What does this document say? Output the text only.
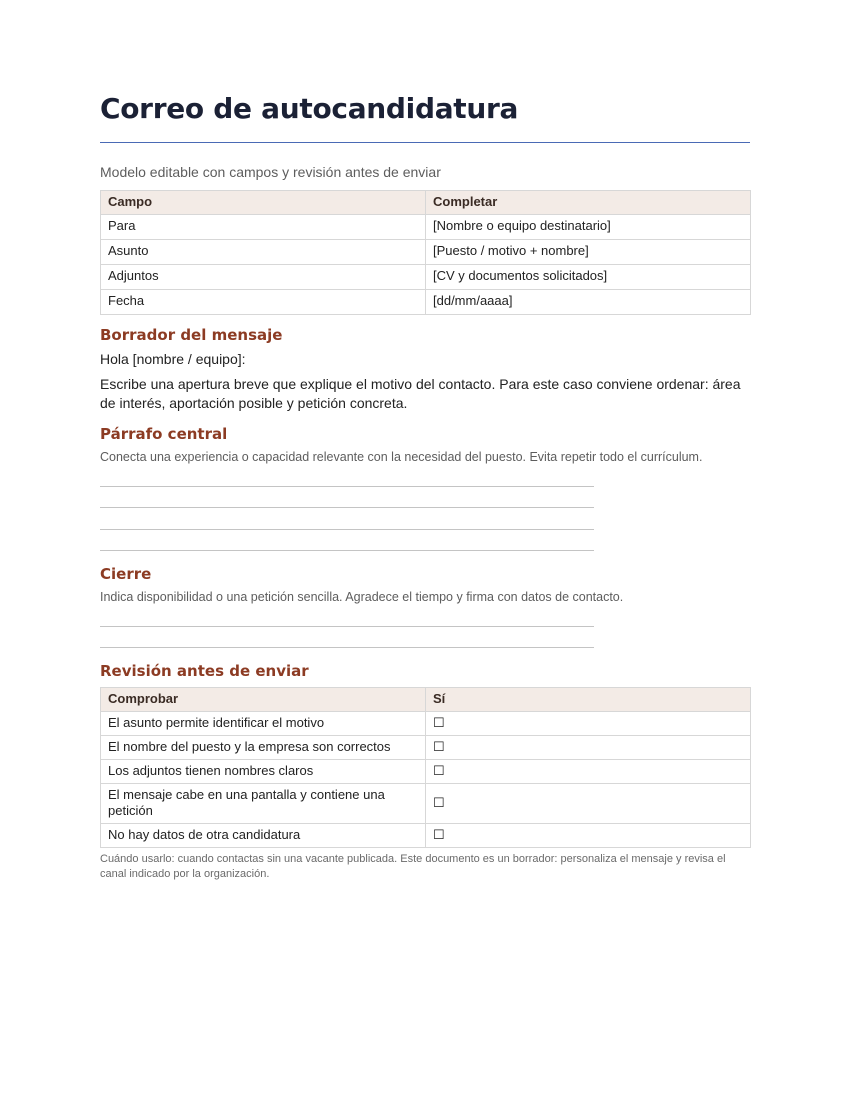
Correo de autocandidatura

Modelo editable con campos y revisión antes de enviar

Campo	Completar
Para	[Nombre o equipo destinatario]
Asunto	[Puesto / motivo + nombre]
Adjuntos	[CV y documentos solicitados]
Fecha	[dd/mm/aaaa]
Borrador del mensaje

Hola [nombre / equipo]:

Escribe una apertura breve que explique el motivo del contacto. Para este caso conviene ordenar: área de interés, aportación posible y petición concreta.

Párrafo central

Conecta una experiencia o capacidad relevante con la necesidad del puesto. Evita repetir todo el currículum.

Cierre

Indica disponibilidad o una petición sencilla. Agradece el tiempo y firma con datos de contacto.

Revisión antes de enviar
Comprobar	Sí
El asunto permite identificar el motivo	☐
El nombre del puesto y la empresa son correctos	☐
Los adjuntos tienen nombres claros	☐
El mensaje cabe en una pantalla y contiene una petición	☐
No hay datos de otra candidatura	☐

Cuándo usarlo: cuando contactas sin una vacante publicada. Este documento es un borrador: personaliza el mensaje y revisa el canal indicado por la organización.
